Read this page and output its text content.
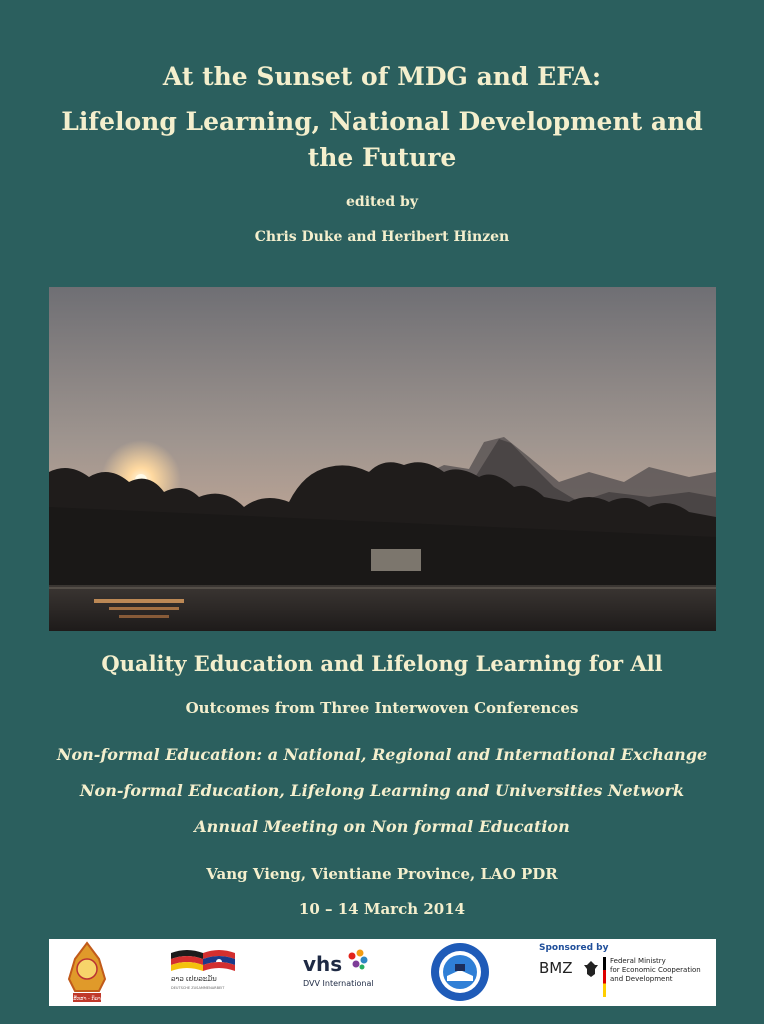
At the Sunset of MDG and EFA:
Lifelong Learning, National Development and the Future
edited by
Chris Duke and Heribert Hinzen
Quality Education and Lifelong Learning for All
Outcomes from Three Interwoven Conferences
Non-formal Education: a National, Regional and International Exchange
Non-formal Education, Lifelong Learning and Universities Network
Annual Meeting on Non formal Education
Vang Vieng, Vientiane Province, LAO PDR
10 – 14 March 2014
ສຶກສາ - ກິລາ
ລາວ ເຢຍລະມັນ
DEUTSCHE ZUSAMMENARBEIT
vhs
DVV International
Sponsored by
BMZ	Federal Ministry
for Economic Cooperation
and Development
